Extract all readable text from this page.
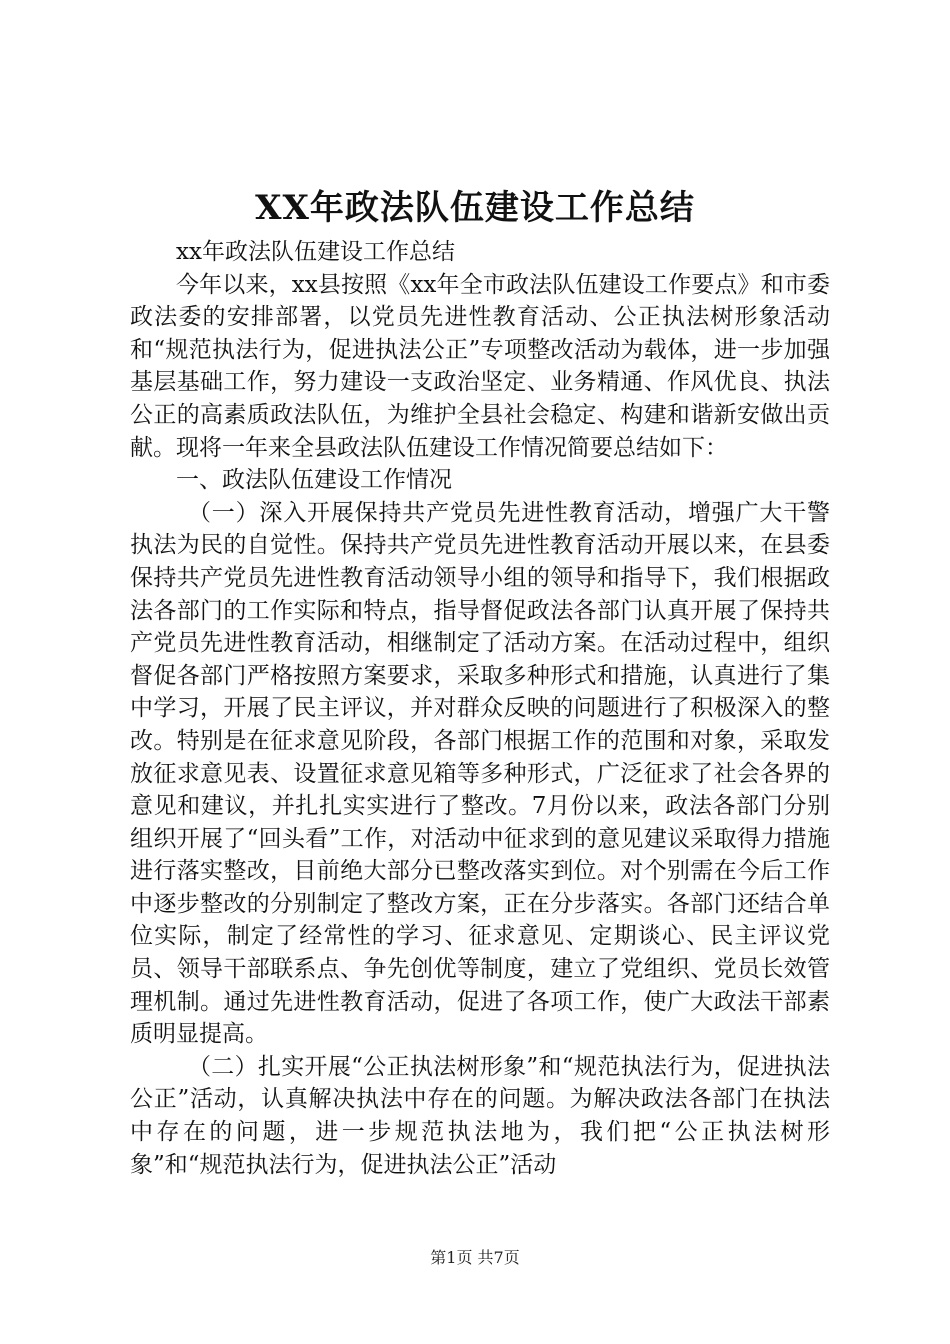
XX年政法队伍建设工作总结

xx年政法队伍建设工作总结

今年以来，xx县按照《xx年全市政法队伍建设工作要点》和市委政法委的安排部署，以党员先进性教育活动、公正执法树形象活动和“规范执法行为，促进执法公正”专项整改活动为载体，进一步加强基层基础工作，努力建设一支政治坚定、业务精通、作风优良、执法公正的高素质政法队伍，为维护全县社会稳定、构建和谐新安做出贡献。现将一年来全县政法队伍建设工作情况简要总结如下：

一、政法队伍建设工作情况

（一）深入开展保持共产党员先进性教育活动，增强广大干警执法为民的自觉性。保持共产党员先进性教育活动开展以来，在县委保持共产党员先进性教育活动领导小组的领导和指导下，我们根据政法各部门的工作实际和特点，指导督促政法各部门认真开展了保持共产党员先进性教育活动，相继制定了活动方案。在活动过程中，组织督促各部门严格按照方案要求，采取多种形式和措施，认真进行了集中学习，开展了民主评议，并对群众反映的问题进行了积极深入的整改。特别是在征求意见阶段，各部门根据工作的范围和对象，采取发放征求意见表、设置征求意见箱等多种形式，广泛征求了社会各界的意见和建议，并扎扎实实进行了整改。7月份以来，政法各部门分别组织开展了“回头看”工作，对活动中征求到的意见建议采取得力措施进行落实整改，目前绝大部分已整改落实到位。对个别需在今后工作中逐步整改的分别制定了整改方案，正在分步落实。各部门还结合单位实际，制定了经常性的学习、征求意见、定期谈心、民主评议党员、领导干部联系点、争先创优等制度，建立了党组织、党员长效管理机制。通过先进性教育活动，促进了各项工作，使广大政法干部素质明显提高。

（二）扎实开展“公正执法树形象”和“规范执法行为，促进执法公正”活动，认真解决执法中存在的问题。为解决政法各部门在执法中存在的问题，进一步规范执法地为，我们把“公正执法树形象”和“规范执法行为，促进执法公正”活动

第1页 共7页
